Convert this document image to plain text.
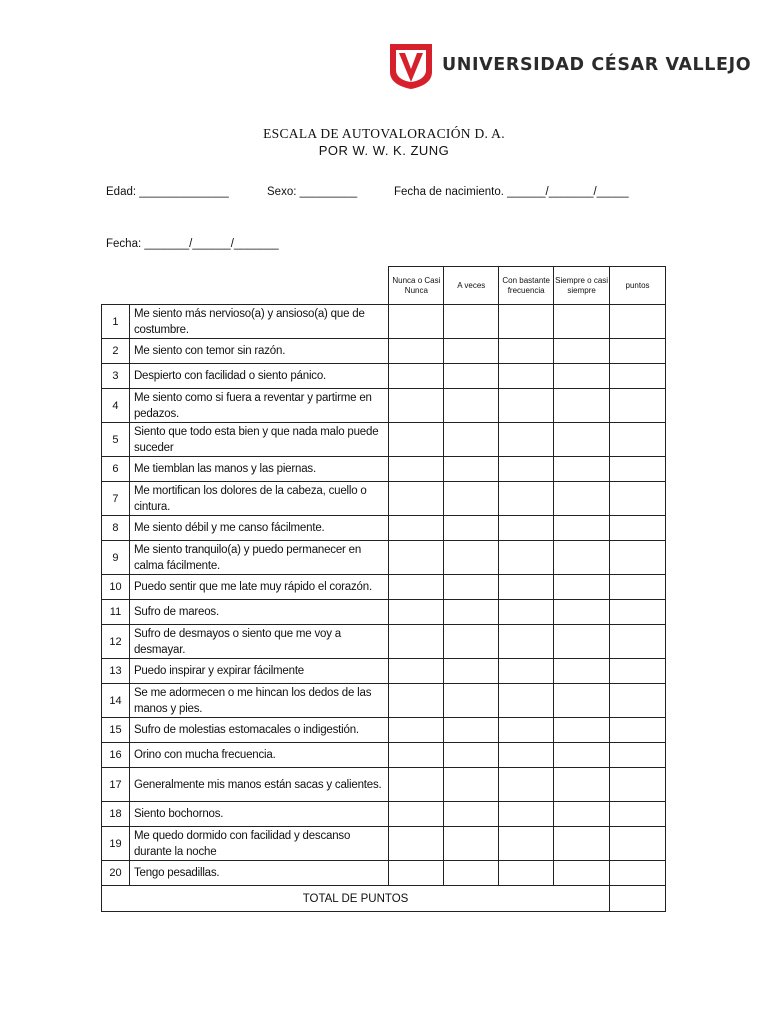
UNIVERSIDAD CÉSAR VALLEJO
ESCALA DE AUTOVALORACIÓN D. A.
POR W. W. K. ZUNG
Edad: ______________	Sexo: _________	Fecha de nacimiento. ______/_______/_____
Fecha: _______/______/_______
		Nunca o Casi Nunca	A veces	Con bastante frecuencia	Siempre o casi siempre	puntos
1	Me siento más nervioso(a) y ansioso(a) que de costumbre.					
2	Me siento con temor sin razón.					
3	Despierto con facilidad o siento pánico.					
4	Me siento como si fuera a reventar y partirme en pedazos.					
5	Siento que todo esta bien y que nada malo puede suceder					
6	Me tiemblan las manos y las piernas.					
7	Me mortifican los dolores de la cabeza, cuello o cintura.					
8	Me siento débil y me canso fácilmente.					
9	Me siento tranquilo(a) y puedo permanecer en calma fácilmente.					
10	Puedo sentir que me late muy rápido el corazón.					
11	Sufro de mareos.					
12	Sufro de desmayos o siento que me voy a desmayar.					
13	Puedo inspirar y expirar fácilmente					
14	Se me adormecen o me hincan los dedos de las manos y pies.					
15	Sufro de molestias estomacales o indigestión.					
16	Orino con mucha frecuencia.					
17	Generalmente mis manos están sacas y calientes.					
18	Siento bochornos.					
19	Me quedo dormido con facilidad y descanso durante la noche					
20	Tengo pesadillas.					
TOTAL DE PUNTOS						
